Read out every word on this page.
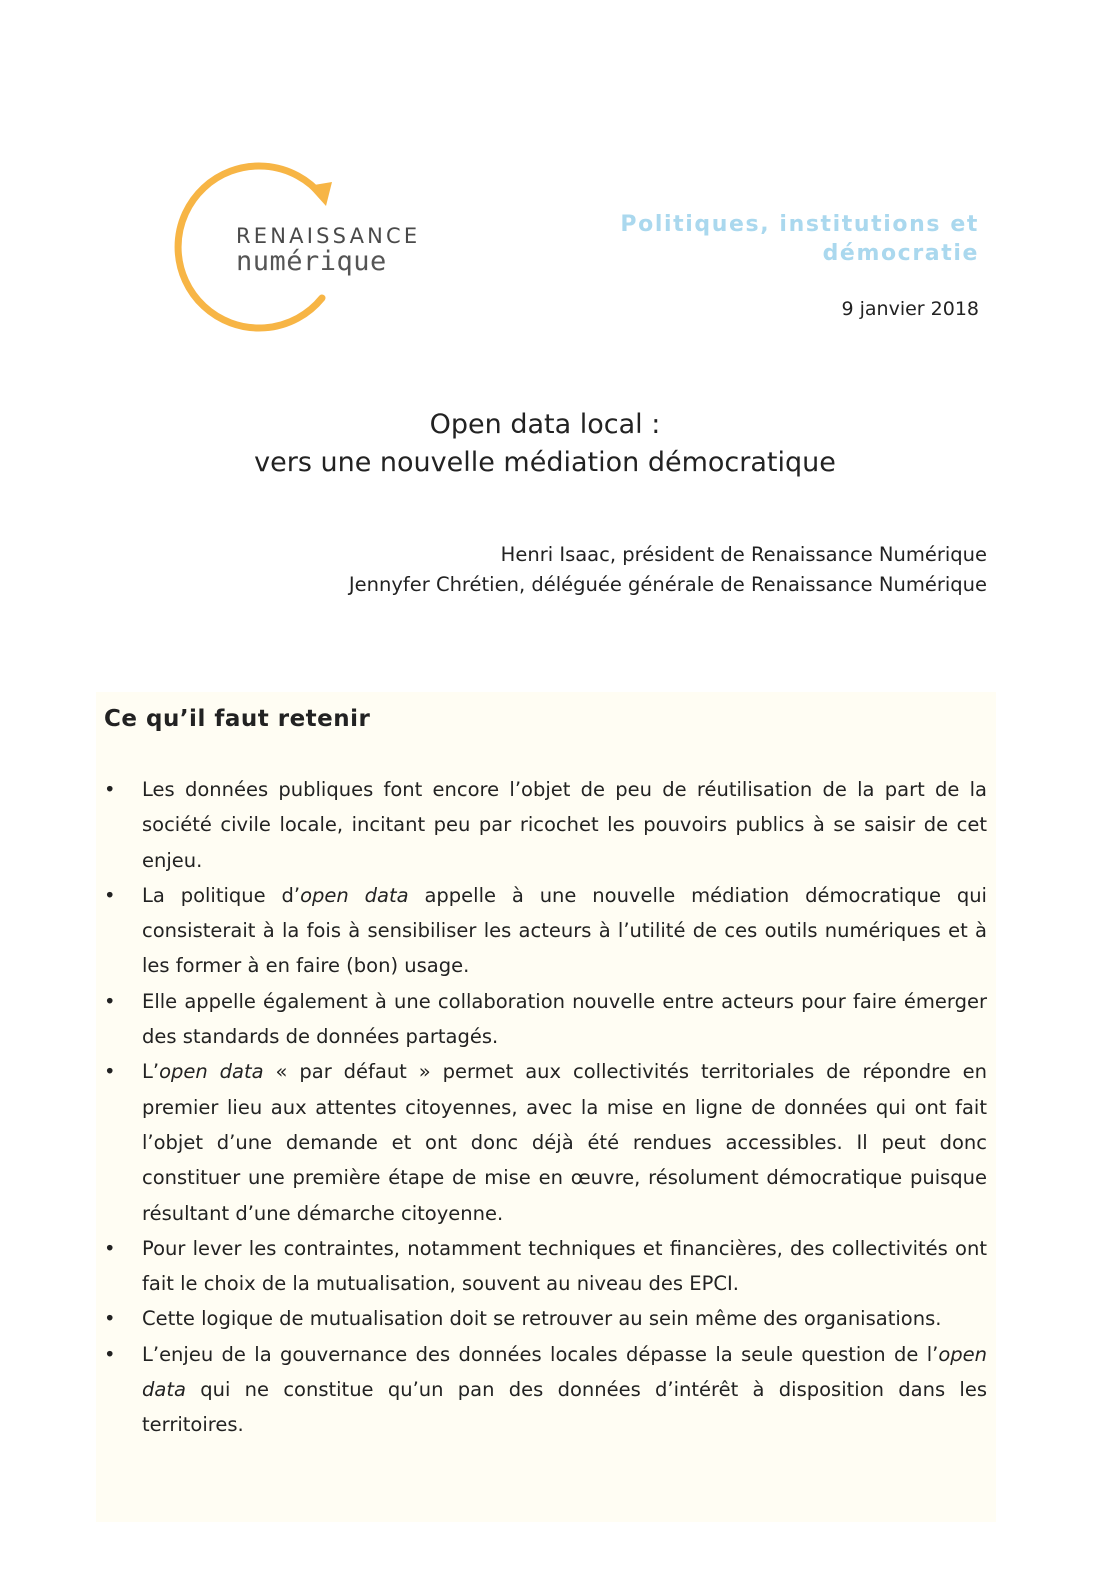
RENAISSANCE
numérique
Politiques, institutions et
démocratie
9 janvier 2018
Open data local :
vers une nouvelle médiation démocratique
Henri Isaac, président de Renaissance Numérique
Jennyfer Chrétien, déléguée générale de Renaissance Numérique
Ce qu’il faut retenir
• Les données publiques font encore l’objet de peu de réutilisation de la part de la société civile locale, incitant peu par ricochet les pouvoirs publics à se saisir de cet enjeu.
• La politique d’open data appelle à une nouvelle médiation démocratique qui consisterait à la fois à sensibiliser les acteurs à l’utilité de ces outils numériques et à les former à en faire (bon) usage.
• Elle appelle également à une collaboration nouvelle entre acteurs pour faire émerger des standards de données partagés.
• L’open data « par défaut » permet aux collectivités territoriales de répondre en premier lieu aux attentes citoyennes, avec la mise en ligne de données qui ont fait l’objet d’une demande et ont donc déjà été rendues accessibles. Il peut donc constituer une première étape de mise en œuvre, résolument démocratique puisque résultant d’une démarche citoyenne.
• Pour lever les contraintes, notamment techniques et financières, des collectivités ont fait le choix de la mutualisation, souvent au niveau des EPCI.
• Cette logique de mutualisation doit se retrouver au sein même des organisations.
• L’enjeu de la gouvernance des données locales dépasse la seule question de l’open data qui ne constitue qu’un pan des données d’intérêt à disposition dans les territoires.
